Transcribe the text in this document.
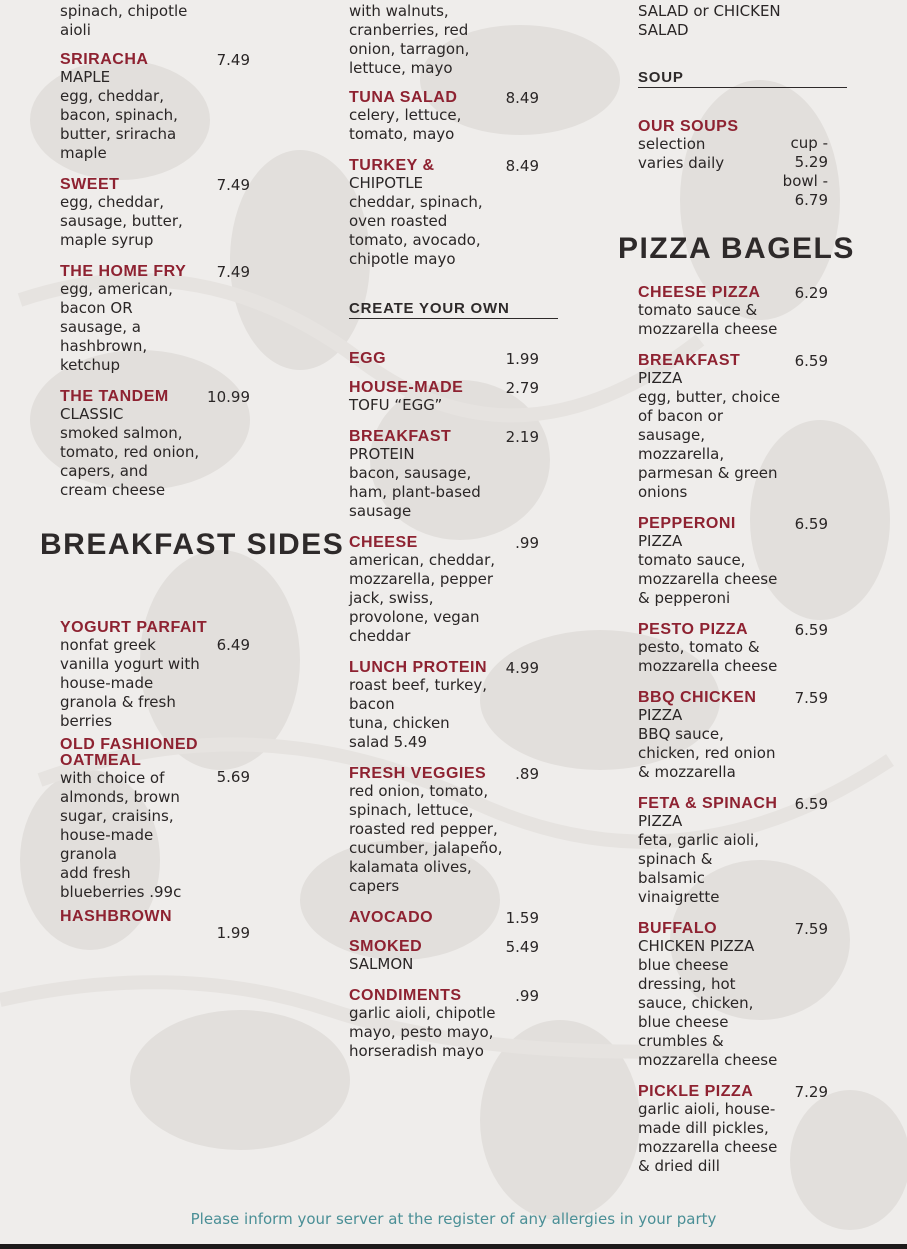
spinach, chipotle
aioli
SRIRACHA
MAPLE
egg, cheddar,
bacon, spinach,
butter, sriracha
maple
7.49
SWEET
egg, cheddar,
sausage, butter,
maple syrup
7.49
THE HOME FRY
egg, american,
bacon OR
sausage, a
hashbrown,
ketchup
7.49
THE TANDEM
CLASSIC
smoked salmon,
tomato, red onion,
capers, and
cream cheese
10.99
BREAKFAST SIDES
YOGURT PARFAIT
nonfat greek
vanilla yogurt with
house-made
granola & fresh
berries
6.49
OLD FASHIONED
OATMEAL
with choice of
almonds, brown
sugar, craisins,
house-made
granola
add fresh
blueberries .99c
5.69
HASHBROWN
1.99
with walnuts,
cranberries, red
onion, tarragon,
lettuce, mayo
TUNA SALAD
celery, lettuce,
tomato, mayo
8.49
TURKEY &
CHIPOTLE
cheddar, spinach,
oven roasted
tomato, avocado,
chipotle mayo
8.49
CREATE YOUR OWN
EGG	1.99
HOUSE-MADE
TOFU “EGG”
2.79
BREAKFAST
PROTEIN
bacon, sausage,
ham, plant-based
sausage
2.19
CHEESE
american, cheddar,
mozzarella, pepper
jack, swiss,
provolone, vegan
cheddar
.99
LUNCH PROTEIN
roast beef, turkey,
bacon
tuna, chicken
salad 5.49
4.99
FRESH VEGGIES
red onion, tomato,
spinach, lettuce,
roasted red pepper,
cucumber, jalapeño,
kalamata olives,
capers
.89
AVOCADO	1.59
SMOKED
SALMON
5.49
CONDIMENTS
garlic aioli, chipotle
mayo, pesto mayo,
horseradish mayo
.99
SALAD or CHICKEN
SALAD
SOUP
OUR SOUPS
selection
varies daily
cup -
5.29
bowl -
6.79
PIZZA BAGELS
CHEESE PIZZA
tomato sauce &
mozzarella cheese
6.29
BREAKFAST
PIZZA
egg, butter, choice
of bacon or
sausage,
mozzarella,
parmesan & green
onions
6.59
PEPPERONI
PIZZA
tomato sauce,
mozzarella cheese
& pepperoni
6.59
PESTO PIZZA
pesto, tomato &
mozzarella cheese
6.59
BBQ CHICKEN
PIZZA
BBQ sauce,
chicken, red onion
& mozzarella
7.59
FETA & SPINACH
PIZZA
feta, garlic aioli,
spinach &
balsamic
vinaigrette
6.59
BUFFALO
CHICKEN PIZZA
blue cheese
dressing, hot
sauce, chicken,
blue cheese
crumbles &
mozzarella cheese
7.59
PICKLE PIZZA
garlic aioli, house-
made dill pickles,
mozzarella cheese
& dried dill
7.29
Please inform your server at the register of any allergies in your party
